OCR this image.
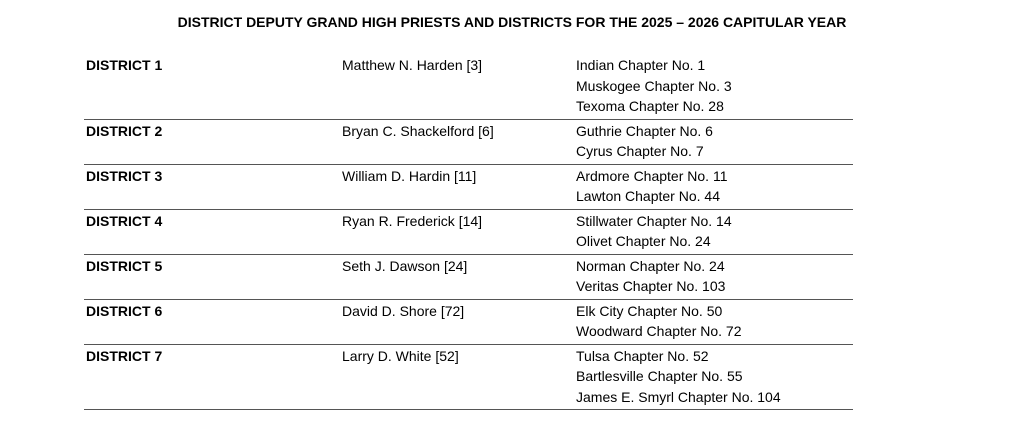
DISTRICT DEPUTY GRAND HIGH PRIESTS AND DISTRICTS FOR THE 2025 – 2026 CAPITULAR YEAR
DISTRICT 1	Matthew N. Harden [3]	Indian Chapter No. 1
Muskogee Chapter No. 3
Texoma Chapter No. 28
DISTRICT 2	Bryan C. Shackelford [6]	Guthrie Chapter No. 6
Cyrus Chapter No. 7
DISTRICT 3	William D. Hardin [11]	Ardmore Chapter No. 11
Lawton Chapter No. 44
DISTRICT 4	Ryan R. Frederick [14]	Stillwater Chapter No. 14
Olivet Chapter No. 24
DISTRICT 5	Seth J. Dawson [24]	Norman Chapter No. 24
Veritas Chapter No. 103
DISTRICT 6	David D. Shore [72]	Elk City Chapter No. 50
Woodward Chapter No. 72
DISTRICT 7	Larry D. White [52]	Tulsa Chapter No. 52
Bartlesville Chapter No. 55
James E. Smyrl Chapter No. 104
